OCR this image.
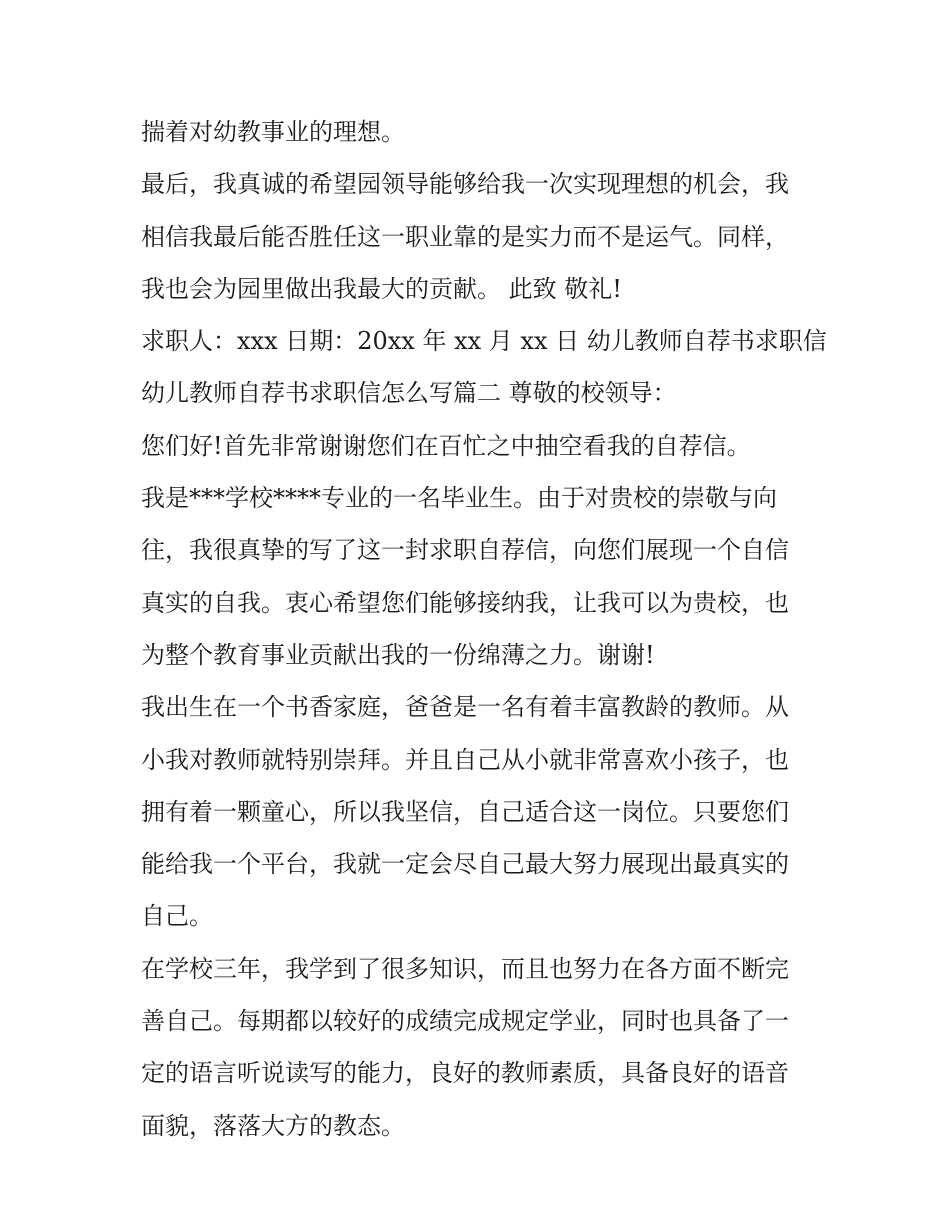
揣着对幼教事业的理想。
最后，我真诚的希望园领导能够给我一次实现理想的机会，我
相信我最后能否胜任这一职业靠的是实力而不是运气。同样，
我也会为园里做出我最大的贡献。 此致 敬礼!
求职人：xxx 日期：20xx 年 xx 月 xx 日 幼儿教师自荐书求职信
幼儿教师自荐书求职信怎么写篇二 尊敬的校领导：
您们好!首先非常谢谢您们在百忙之中抽空看我的自荐信。
我是***学校****专业的一名毕业生。由于对贵校的崇敬与向
往，我很真挚的写了这一封求职自荐信，向您们展现一个自信
真实的自我。衷心希望您们能够接纳我，让我可以为贵校，也
为整个教育事业贡献出我的一份绵薄之力。谢谢!
我出生在一个书香家庭，爸爸是一名有着丰富教龄的教师。从
小我对教师就特别崇拜。并且自己从小就非常喜欢小孩子，也
拥有着一颗童心，所以我坚信，自己适合这一岗位。只要您们
能给我一个平台，我就一定会尽自己最大努力展现出最真实的
自己。
在学校三年，我学到了很多知识，而且也努力在各方面不断完
善自己。每期都以较好的成绩完成规定学业，同时也具备了一
定的语言听说读写的能力，良好的教师素质，具备良好的语音
面貌，落落大方的教态。
